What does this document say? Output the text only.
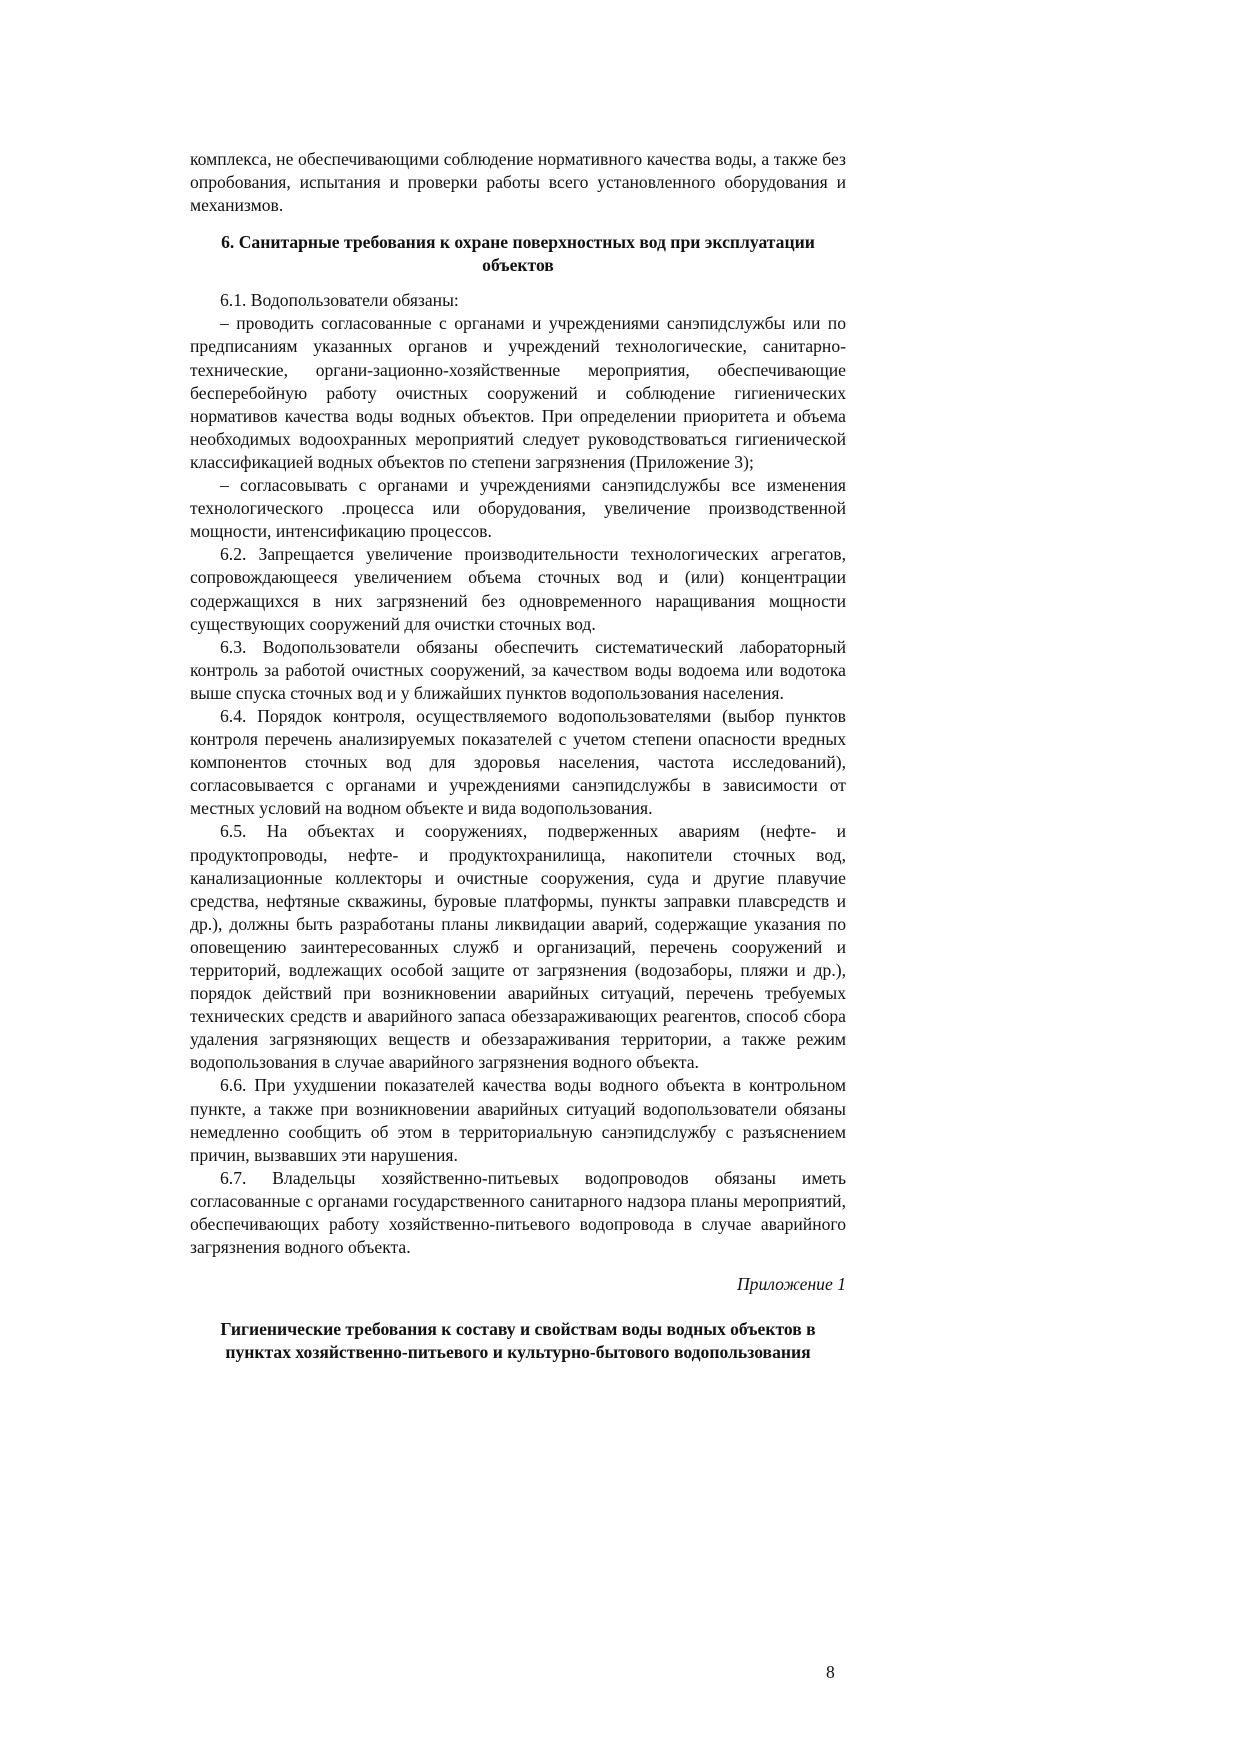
комплекса, не обеспечивающими соблюдение нормативного качества воды, а также без опробования, испытания и проверки работы всего установленного оборудования и механизмов.

6. Санитарные требования к охране поверхностных вод при эксплуатации объектов

6.1. Водопользователи обязаны:

– проводить согласованные с органами и учреждениями санэпидслужбы или по предписаниям указанных органов и учреждений технологические, санитарно-технические, органи-зационно-хозяйственные мероприятия, обеспечивающие бесперебойную работу очистных сооружений и соблюдение гигиенических нормативов качества воды водных объектов. При определении приоритета и объема необходимых водоохранных мероприятий следует руководствоваться гигиенической классификацией водных объектов по степени загрязнения (Приложение 3);

– согласовывать с органами и учреждениями санэпидслужбы все изменения технологического .процесса или оборудования, увеличение производственной мощности, интенсификацию процессов.

6.2. Запрещается увеличение производительности технологических агрегатов, сопровождающееся увеличением объема сточных вод и (или) концентрации содержащихся в них загрязнений без одновременного наращивания мощности существующих сооружений для очистки сточных вод.

6.3. Водопользователи обязаны обеспечить систематический лабораторный контроль за работой очистных сооружений, за качеством воды водоема или водотока выше спуска сточных вод и у ближайших пунктов водопользования населения.

6.4. Порядок контроля, осуществляемого водопользователями (выбор пунктов контроля перечень анализируемых показателей с учетом степени опасности вредных компонентов сточных вод для здоровья населения, частота исследований), согласовывается с органами и учреждениями санэпидслужбы в зависимости от местных условий на водном объекте и вида водопользования.

6.5. На объектах и сооружениях, подверженных авариям (нефте- и продуктопроводы, нефте- и продуктохранилища, накопители сточных вод, канализационные коллекторы и очистные сооружения, суда и другие плавучие средства, нефтяные скважины, буровые платформы, пункты заправки плавсредств и др.), должны быть разработаны планы ликвидации аварий, содержащие указания по оповещению заинтересованных служб и организаций, перечень сооружений и территорий, водлежащих особой защите от загрязнения (водозаборы, пляжи и др.), порядок действий при возникновении аварийных ситуаций, перечень требуемых технических средств и аварийного запаса обеззараживающих реагентов, способ сбора удаления загрязняющих веществ и обеззараживания территории, а также режим водопользования в случае аварийного загрязнения водного объекта.

6.6. При ухудшении показателей качества воды водного объекта в контрольном пункте, а также при возникновении аварийных ситуаций водопользователи обязаны немедленно сообщить об этом в территориальную санэпидслужбу с разъяснением причин, вызвавших эти нарушения.

6.7. Владельцы хозяйственно-питьевых водопроводов обязаны иметь согласованные с органами государственного санитарного надзора планы мероприятий, обеспечивающих работу хозяйственно-питьевого водопровода в случае аварийного загрязнения водного объекта.

Приложение 1
Гигиенические требования к составу и свойствам воды водных объектов в пунктах хозяйственно-питьевого и культурно-бытового водопользования
8
